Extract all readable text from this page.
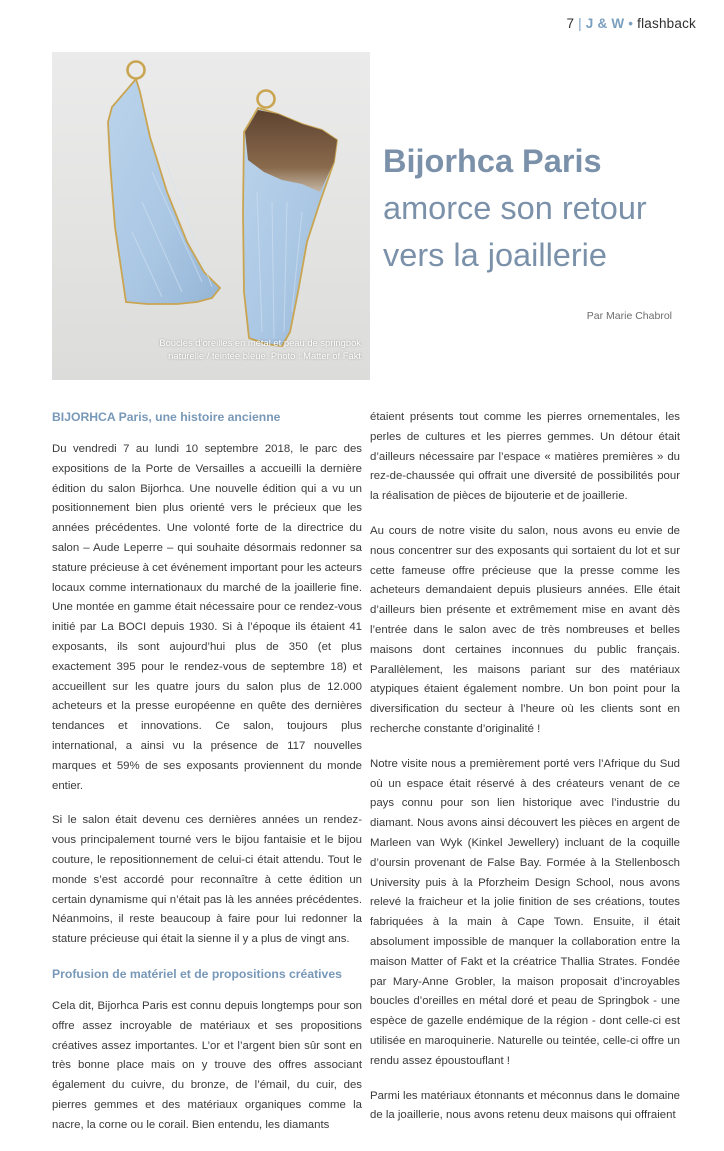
7 | J & W • flashback
Boucles d’oreilles en métal et peau de springbok naturelle / teintée bleue. Photo : Matter of Fakt
Bijorhca Paris
amorce son retour
vers la joaillerie
Par Marie Chabrol
BIJORHCA Paris, une histoire ancienne

Du vendredi 7 au lundi 10 septembre 2018, le parc des expositions de la Porte de Versailles a accueilli la dernière édition du salon Bijorhca. Une nouvelle édition qui a vu un positionnement bien plus orienté vers le précieux que les années précédentes. Une volonté forte de la directrice du salon – Aude Leperre – qui souhaite désormais redonner sa stature précieuse à cet événement important pour les acteurs locaux comme internationaux du marché de la joaillerie fine. Une montée en gamme était nécessaire pour ce rendez-vous initié par La BOCI depuis 1930. Si à l’époque ils étaient 41 exposants, ils sont aujourd’hui plus de 350 (et plus exactement 395 pour le rendez-vous de septembre 18) et accueillent sur les quatre jours du salon plus de 12.000 acheteurs et la presse européenne en quête des dernières tendances et innovations. Ce salon, toujours plus international, a ainsi vu la présence de 117 nouvelles marques et 59% de ses exposants proviennent du monde entier.

Si le salon était devenu ces dernières années un rendez-vous principalement tourné vers le bijou fantaisie et le bijou couture, le repositionnement de celui-ci était attendu. Tout le monde s’est accordé pour reconnaître à cette édition un certain dynamisme qui n’était pas là les années précédentes. Néanmoins, il reste beaucoup à faire pour lui redonner la stature précieuse qui était la sienne il y a plus de vingt ans.

Profusion de matériel et de propositions créatives

Cela dit, Bijorhca Paris est connu depuis longtemps pour son offre assez incroyable de matériaux et ses propositions créatives assez importantes. L’or et l’argent bien sûr sont en très bonne place mais on y trouve des offres associant également du cuivre, du bronze, de l’émail, du cuir, des pierres gemmes et des matériaux organiques comme la nacre, la corne ou le corail. Bien entendu, les diamants

étaient présents tout comme les pierres ornementales, les perles de cultures et les pierres gemmes. Un détour était d’ailleurs nécessaire par l’espace « matières premières » du rez-de-chaussée qui offrait une diversité de possibilités pour la réalisation de pièces de bijouterie et de joaillerie.

Au cours de notre visite du salon, nous avons eu envie de nous concentrer sur des exposants qui sortaient du lot et sur cette fameuse offre précieuse que la presse comme les acheteurs demandaient depuis plusieurs années. Elle était d’ailleurs bien présente et extrêmement mise en avant dès l’entrée dans le salon avec de très nombreuses et belles maisons dont certaines inconnues du public français. Parallèlement, les maisons pariant sur des matériaux atypiques étaient également nombre. Un bon point pour la diversification du secteur à l’heure où les clients sont en recherche constante d’originalité !

Notre visite nous a premièrement porté vers l’Afrique du Sud où un espace était réservé à des créateurs venant de ce pays connu pour son lien historique avec l’industrie du diamant. Nous avons ainsi découvert les pièces en argent de Marleen van Wyk (Kinkel Jewellery) incluant de la coquille d’oursin provenant de False Bay. Formée à la Stellenbosch University puis à la Pforzheim Design School, nous avons relevé la fraicheur et la jolie finition de ses créations, toutes fabriquées à la main à Cape Town. Ensuite, il était absolument impossible de manquer la collaboration entre la maison Matter of Fakt et la créatrice Thallia Strates. Fondée par Mary-Anne Grobler, la maison proposait d’incroyables boucles d’oreilles en métal doré et peau de Springbok - une espèce de gazelle endémique de la région - dont celle-ci est utilisée en maroquinerie. Naturelle ou teintée, celle-ci offre un rendu assez époustouflant !

Parmi les matériaux étonnants et méconnus dans le domaine de la joaillerie, nous avons retenu deux maisons qui offraient
